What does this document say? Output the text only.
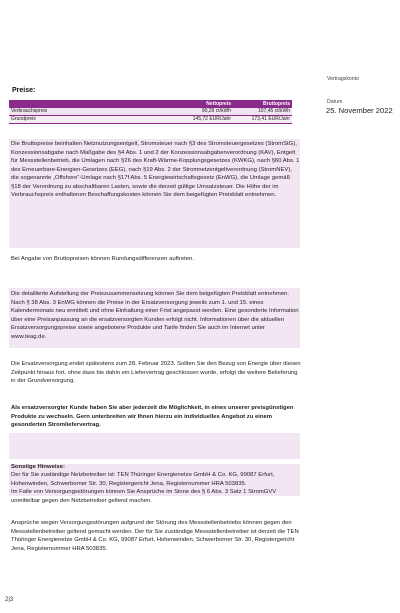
Vertragskonto
Datum
25. November 2022
Preise:
	Nettopreis	Bruttopreis
Verbrauchspreis	90,29 ct/kWh	107,45 ct/kWh
Grundpreis	145,72 EUR/Jahr	173,41 EUR/Jahr

Die Bruttopreise beinhalten Netznutzungsentgelt, Stromsteuer nach §3 des Stromsteuergesetzes (StromStG), Konzessionsabgabe nach Maßgabe des §4 Abs. 1 und 2 der Konzessionsabgabenverordnung (KAV), Entgelt für Messstellenbetrieb, die Umlagen nach §26 des Kraft-Wärme-Kopplungsgesetzes (KWKG), nach §60 Abs. 1 des Erneuerbare-Energien-Gesetzes (EEG), nach §19 Abs. 2 der Stromnetzentgeltverordnung (StromNEV), die sogenannte „Offshore“-Umlage nach §17f Abs. 5 Energiewirtschaftsgesetz (EnWG), die Umlage gemäß §18 der Verordnung zu abschaltbaren Lasten, sowie die derzeit gültige Umsatzsteuer. Die Höhe der im Verbrauchspreis enthaltenen Beschaffungskosten können Sie dem beigefügten Preisblatt entnehmen.

Bei Angabe von Bruttopreisen können Rundungsdifferenzen auftreten.

Die detaillierte Aufstellung der Preiszusammensetzung können Sie dem beigefügten Preisblatt entnehmen. Nach § 38 Abs. 3 EnWG können die Preise in der Ersatzversorgung jeweils zum 1. und 15. eines Kalendermonats neu ermittelt und ohne Einhaltung einer Frist angepasst werden. Eine gesonderte Information über eine Preisanpassung an die ersatzversorgten Kunden erfolgt nicht. Informationen über die aktuellen Ersatzversorgungspreise sowie angebotene Produkte und Tarife finden Sie auch im Internet unter www.teag.de.

Die Ersatzversorgung endet spätestens zum 28. Februar 2023. Sollten Sie den Bezug von Energie über diesen Zeitpunkt hinaus fort, ohne dass bis dahin ein Liefervertrag geschlossen wurde, erfolgt die weitere Belieferung in der Grundversorgung.

Als ersatzversorgter Kunde haben Sie aber jederzeit die Möglichkeit, in eines unserer preisgünstigen Produkte zu wechseln. Gern unterbreiten wir Ihnen hierzu ein individuelles Angebot zu einem gesonderten Stromliefervertrag.

Sonstige Hinweise:

Der für Sie zuständige Netzbetreiber ist: TEN Thüringer Energienetze GmbH & Co. KG, 99087 Erfurt, Hohenwinden, Schwerborner Str. 30, Registergericht Jena, Registernummer HRA 503835.

Im Falle von Versorgungsstörungen können Sie Ansprüche im Sinne des § 6 Abs. 3 Satz 1 StromGVV unmittelbar gegen den Netzbetreiber geltend machen.

Ansprüche wegen Versorgungsstörungen aufgrund der Störung des Messstellenbetriebs können gegen den Messstellenbetreiber geltend gemacht werden. Der für Sie zuständige Messstellenbetreiber ist derzeit die TEN Thüringer Energienetze GmbH & Co. KG, 99087 Erfurt, Hohenwinden, Schwerborner Str. 30, Registergericht Jena, Registernummer HRA 503835.

2|3
